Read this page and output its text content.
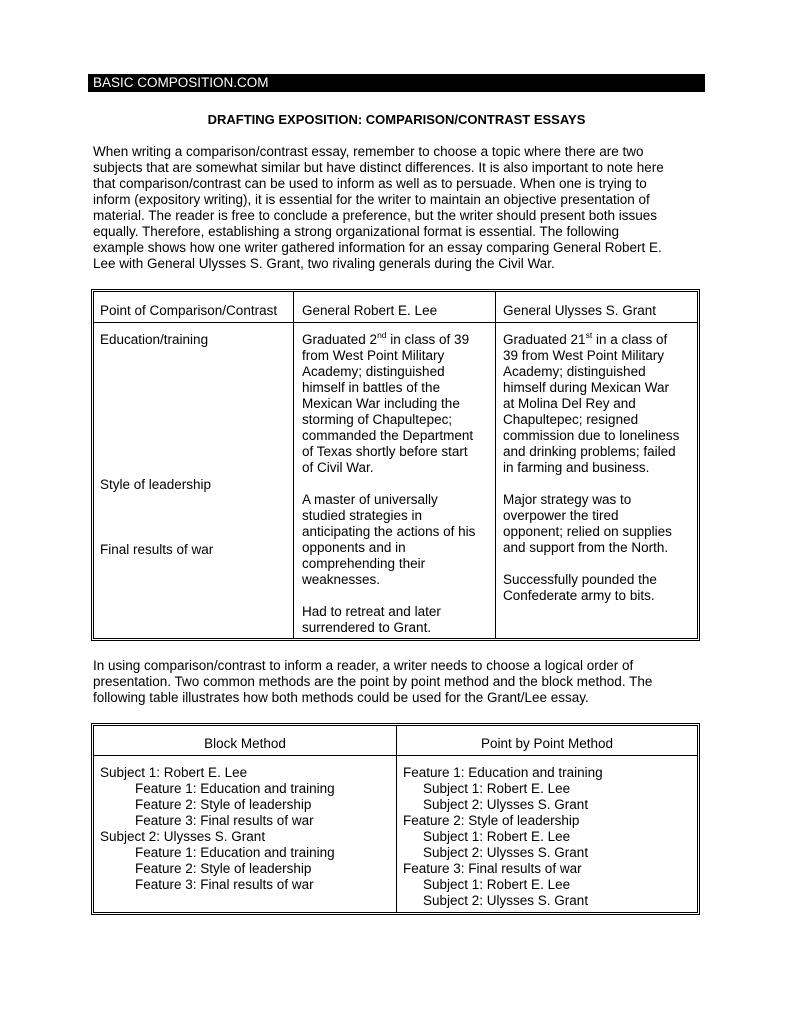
BASIC COMPOSITION.COM
DRAFTING EXPOSITION: COMPARISON/CONTRAST ESSAYS

When writing a comparison/contrast essay, remember to choose a topic where there are two
subjects that are somewhat similar but have distinct differences. It is also important to note here
that comparison/contrast can be used to inform as well as to persuade. When one is trying to
inform (expository writing), it is essential for the writer to maintain an objective presentation of
material. The reader is free to conclude a preference, but the writer should present both issues
equally. Therefore, establishing a strong organizational format is essential. The following
example shows how one writer gathered information for an essay comparing General Robert E.
Lee with General Ulysses S. Grant, two rivaling generals during the Civil War.

Point of Comparison/Contrast General Robert E. Lee	General Ulysses S. Grant
Education/training
Style of leadership
Final results of war
Graduated 2nd in class of 39
from West Point Military
Academy; distinguished
himself in battles of the
Mexican War including the
storming of Chapultepec;
commanded the Department
of Texas shortly before start
of Civil War.
A master of universally
studied strategies in
anticipating the actions of his
opponents and in
comprehending their
weaknesses.
Had to retreat and later
surrendered to Grant.
Graduated 21st in a class of
39 from West Point Military
Academy; distinguished
himself during Mexican War
at Molina Del Rey and
Chapultepec; resigned
commission due to loneliness
and drinking problems; failed
in farming and business.
Major strategy was to
overpower the tired
opponent; relied on supplies
and support from the North.
Successfully pounded the
Confederate army to bits.

In using comparison/contrast to inform a reader, a writer needs to choose a logical order of
presentation. Two common methods are the point by point method and the block method. The
following table illustrates how both methods could be used for the Grant/Lee essay.

Block Method	Point by Point Method
Subject 1: Robert E. Lee
Feature 1: Education and training
Feature 2: Style of leadership
Feature 3: Final results of war
Subject 2: Ulysses S. Grant
Feature 1: Education and training
Feature 2: Style of leadership
Feature 3: Final results of war
Feature 1: Education and training
Subject 1: Robert E. Lee
Subject 2: Ulysses S. Grant
Feature 2: Style of leadership
Subject 1: Robert E. Lee
Subject 2: Ulysses S. Grant
Feature 3: Final results of war
Subject 1: Robert E. Lee
Subject 2: Ulysses S. Grant
